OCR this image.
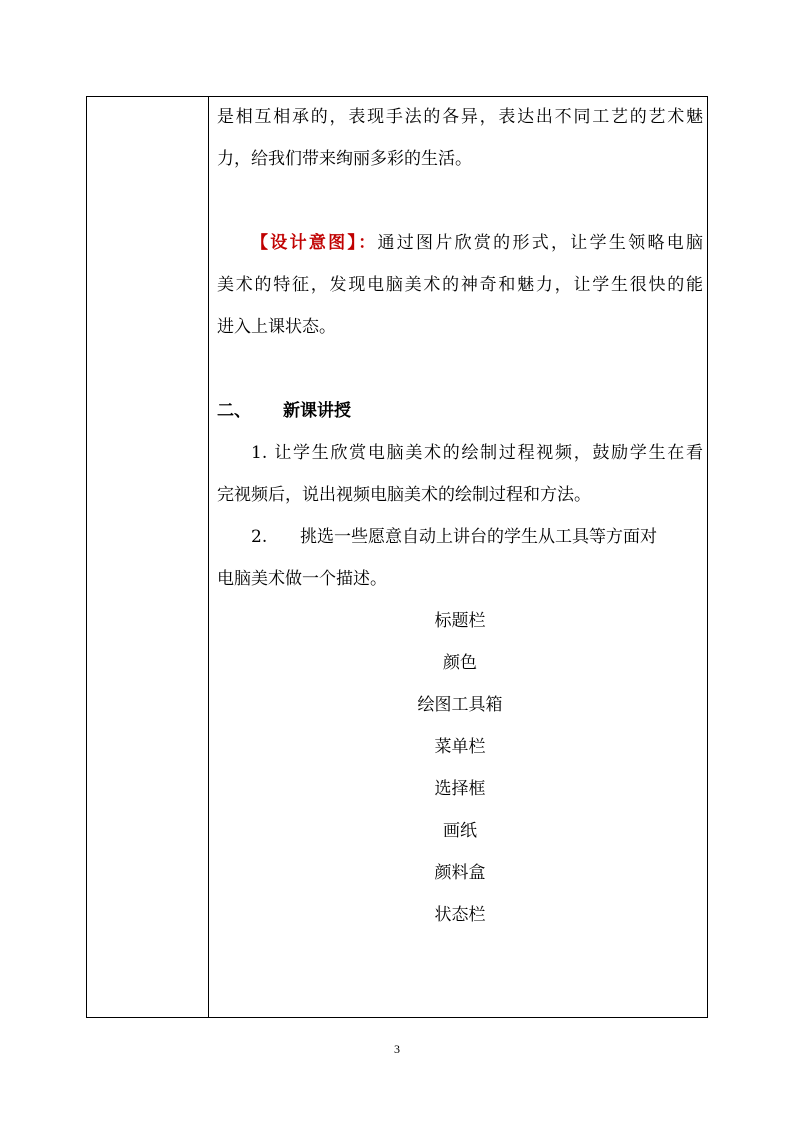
是相互相承的，表现手法的各异，表达出不同工艺的艺术魅
力，给我们带来绚丽多彩的生活。
【设计意图】：通过图片欣赏的形式，让学生领略电脑
美术的特征，发现电脑美术的神奇和魅力，让学生很快的能
进入上课状态。
二、 新课讲授
1. 让学生欣赏电脑美术的绘制过程视频，鼓励学生在看
完视频后，说出视频电脑美术的绘制过程和方法。
2. 挑选一些愿意自动上讲台的学生从工具等方面对
电脑美术做一个描述。
标题栏
颜色
绘图工具箱
菜单栏
选择框
画纸
颜料盒
状态栏
3
